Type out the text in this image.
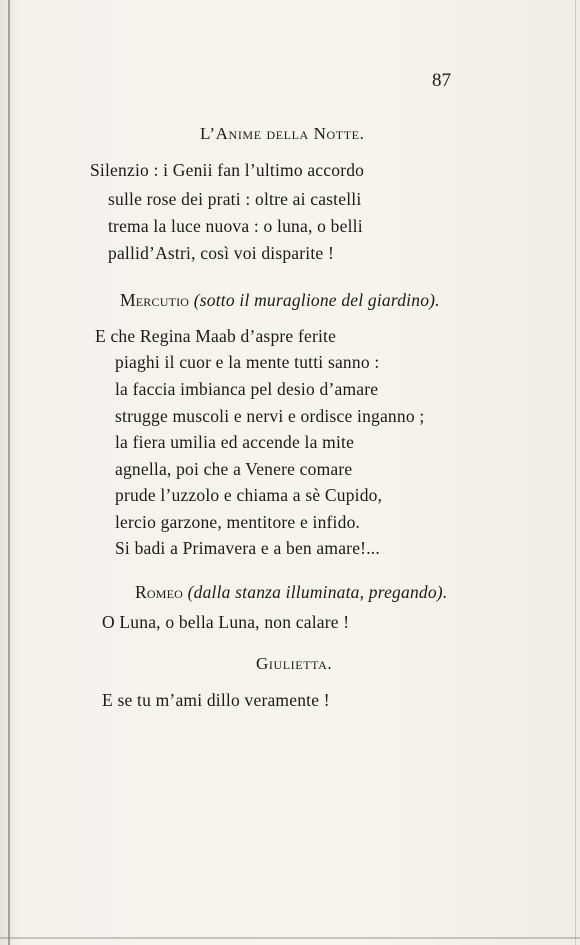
87
L’Anime della Notte.
Silenzio : i Genii fan l’ultimo accordo
sulle rose dei prati : oltre ai castelli
trema la luce nuova : o luna, o belli
pallid’Astri, così voi disparite !
Mercutio (sotto il muraglione del giardino).
E che Regina Maab d’aspre ferite
piaghi il cuor e la mente tutti sanno :
la faccia imbianca pel desio d’amare
strugge muscoli e nervi e ordisce inganno ;
la fiera umilia ed accende la mite
agnella, poi che a Venere comare
prude l’uzzolo e chiama a sè Cupido,
lercio garzone, mentitore e infido.
Si badi a Primavera e a ben amare!...
Romeo (dalla stanza illuminata, pregando).
O Luna, o bella Luna, non calare !
Giulietta.
E se tu m’ami dillo veramente !
